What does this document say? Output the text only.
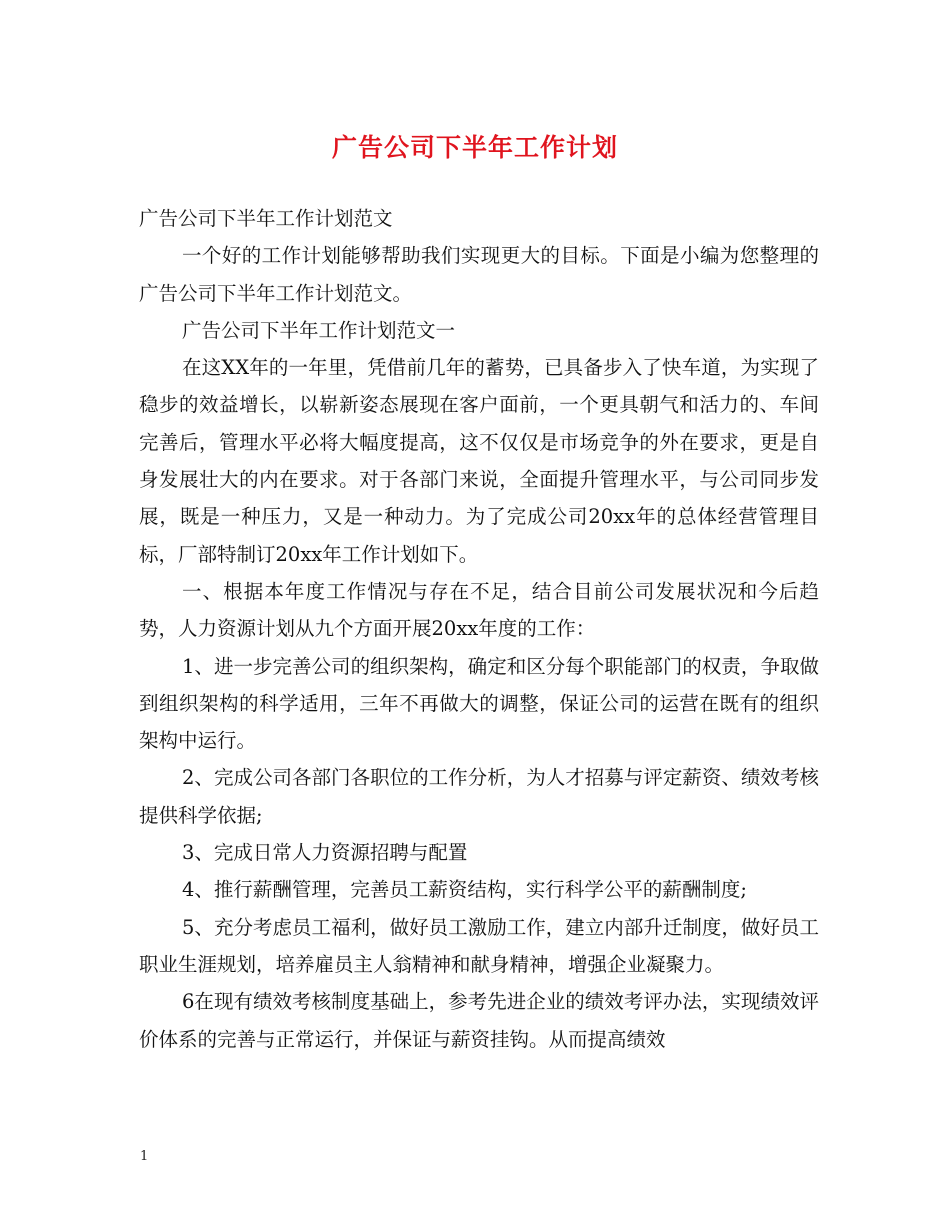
广告公司下半年工作计划

广告公司下半年工作计划范文

一个好的工作计划能够帮助我们实现更大的目标。下面是小编为您整理的广告公司下半年工作计划范文。

广告公司下半年工作计划范文一

在这XX年的一年里，凭借前几年的蓄势，已具备步入了快车道，为实现了稳步的效益增长，以崭新姿态展现在客户面前，一个更具朝气和活力的、车间完善后，管理水平必将大幅度提高，这不仅仅是市场竞争的外在要求，更是自身发展壮大的内在要求。对于各部门来说，全面提升管理水平，与公司同步发展，既是一种压力，又是一种动力。为了完成公司20xx年的总体经营管理目标，厂部特制订20xx年工作计划如下。

一、根据本年度工作情况与存在不足，结合目前公司发展状况和今后趋势，人力资源计划从九个方面开展20xx年度的工作：

1、进一步完善公司的组织架构，确定和区分每个职能部门的权责，争取做到组织架构的科学适用，三年不再做大的调整，保证公司的运营在既有的组织架构中运行。

2、完成公司各部门各职位的工作分析，为人才招募与评定薪资、绩效考核提供科学依据;

3、完成日常人力资源招聘与配置

4、推行薪酬管理，完善员工薪资结构，实行科学公平的薪酬制度;

5、充分考虑员工福利，做好员工激励工作，建立内部升迁制度，做好员工职业生涯规划，培养雇员主人翁精神和献身精神，增强企业凝聚力。

6在现有绩效考核制度基础上，参考先进企业的绩效考评办法，实现绩效评价体系的完善与正常运行，并保证与薪资挂钩。从而提高绩效

1
